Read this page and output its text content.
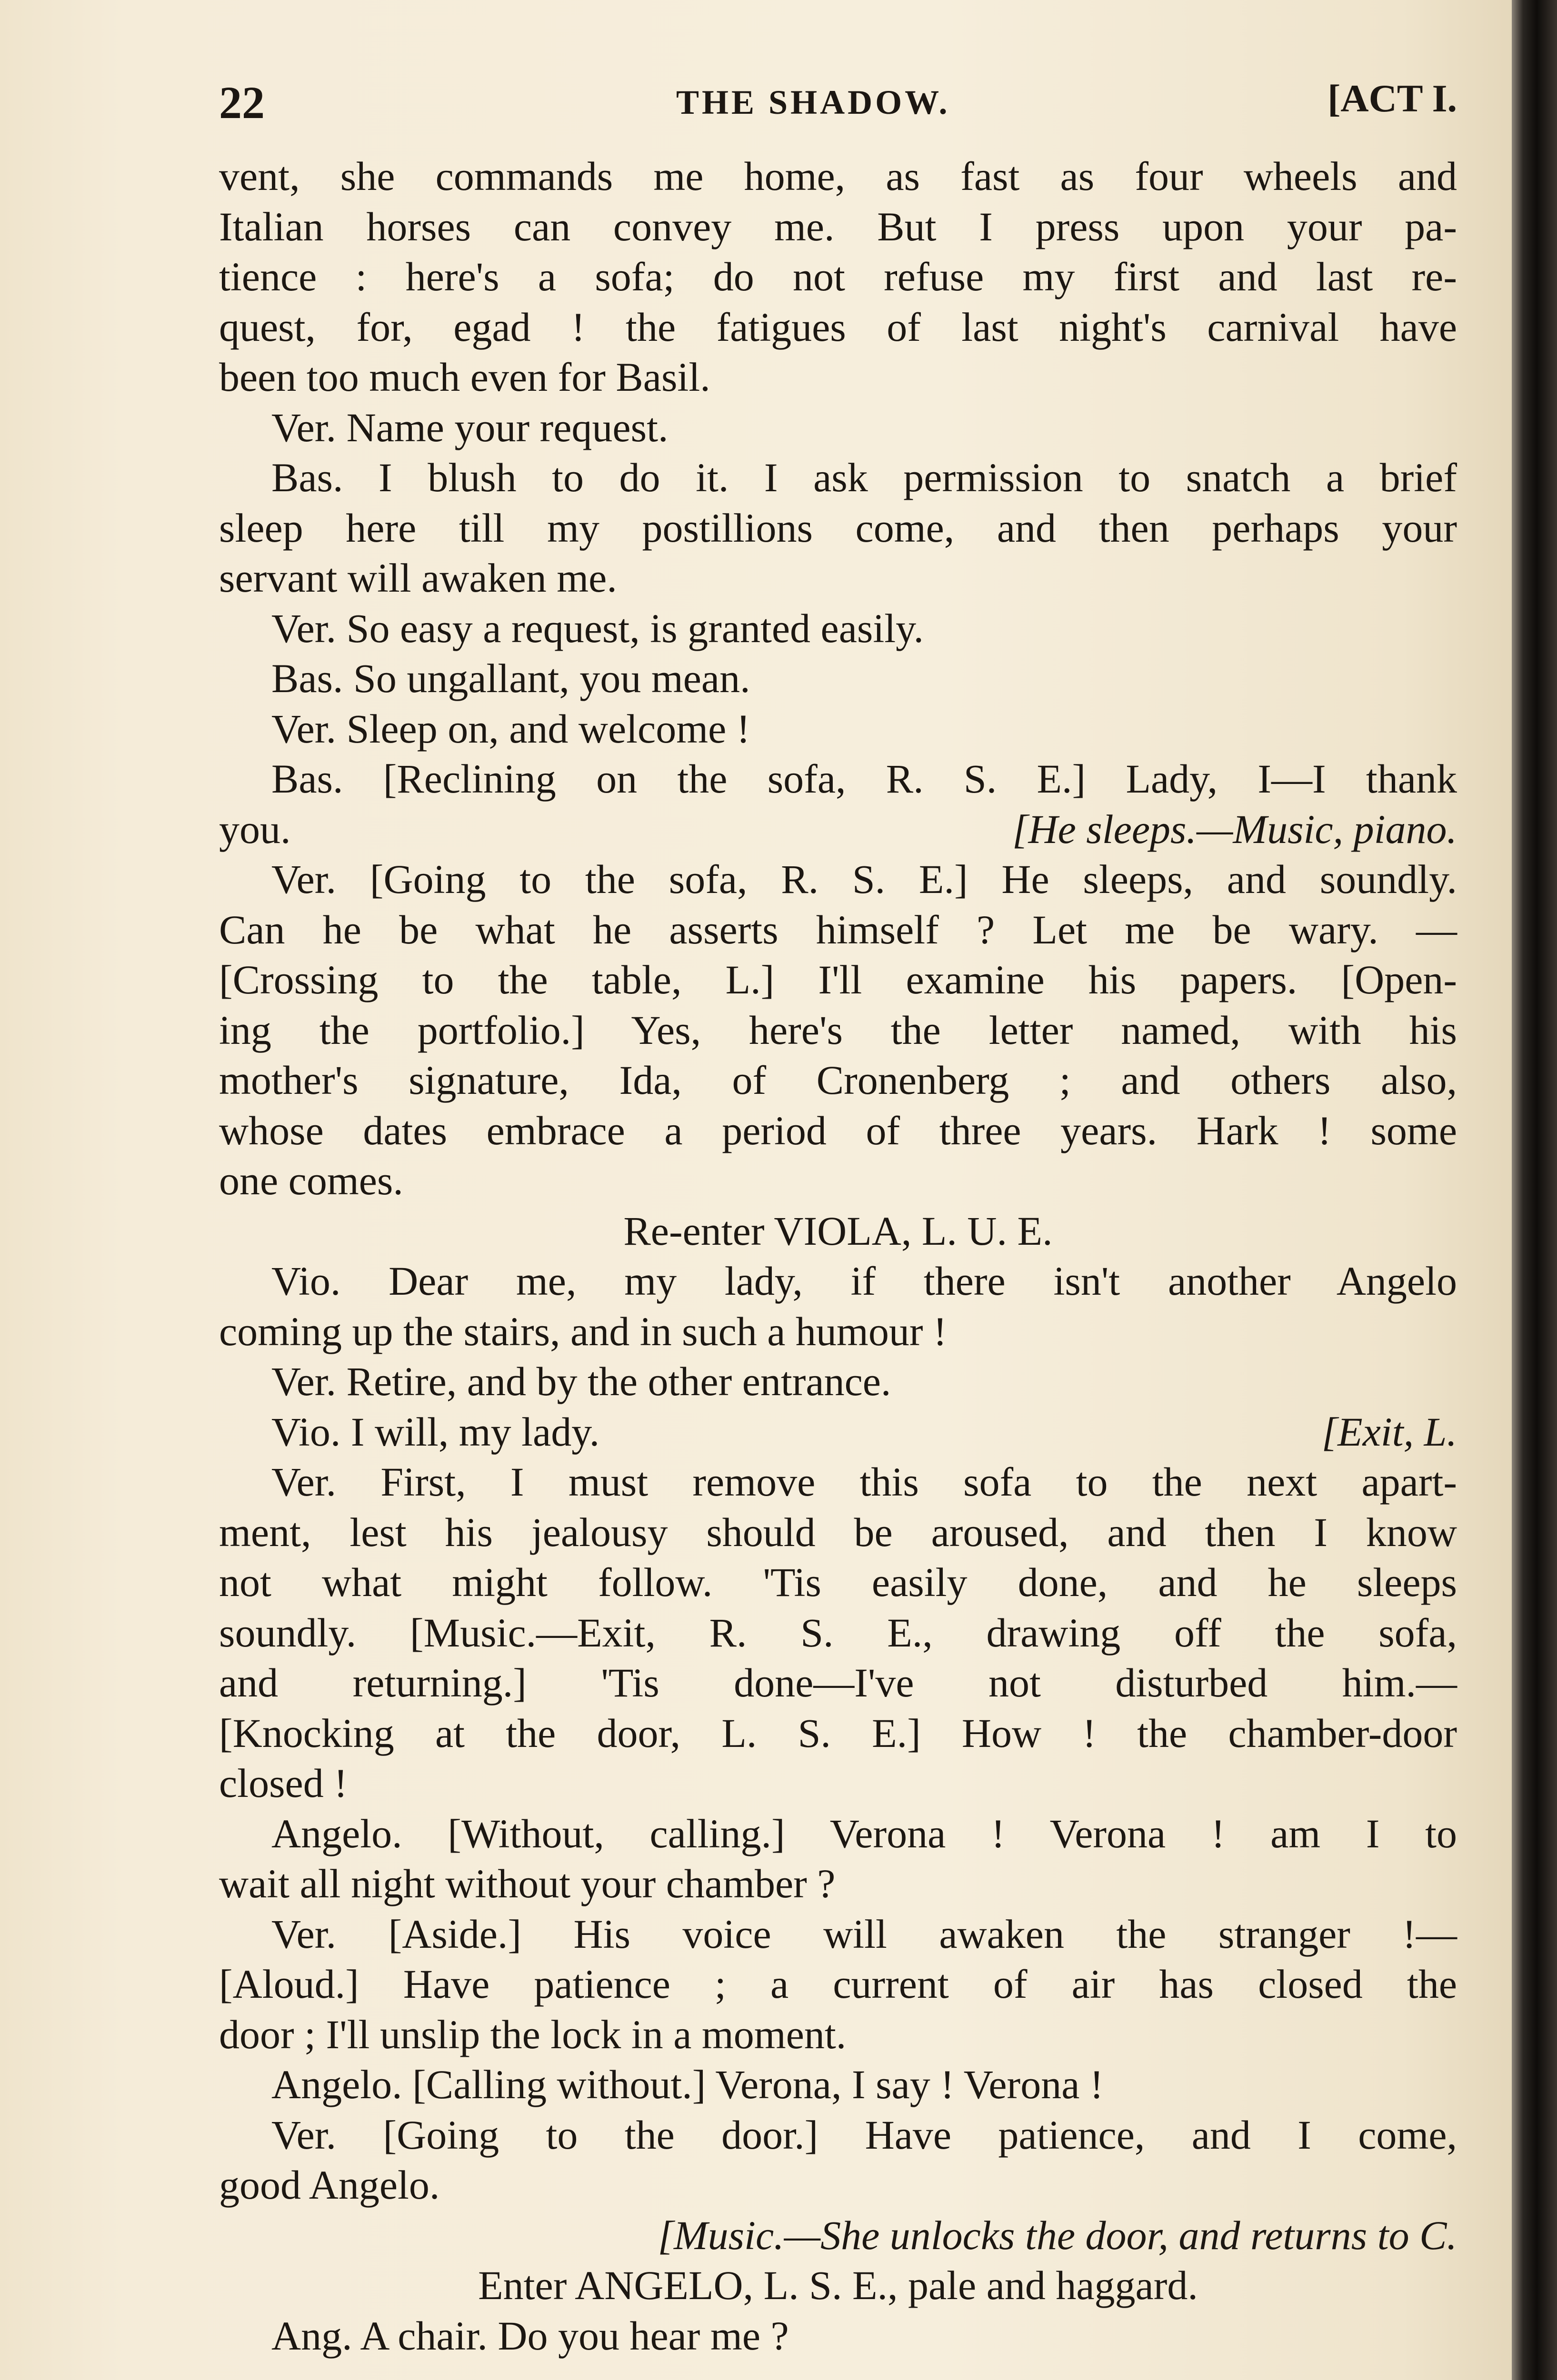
22	THE SHADOW.	[ACT I.

vent, she commands me home, as fast as four wheels and

Italian horses can convey me. But I press upon your pa-

tience : here's a sofa; do not refuse my first and last re-

quest, for, egad ! the fatigues of last night's carnival have

been too much even for Basil.

Ver. Name your request.

Bas. I blush to do it. I ask permission to snatch a brief

sleep here till my postillions come, and then perhaps your

servant will awaken me.

Ver. So easy a request, is granted easily.

Bas. So ungallant, you mean.

Ver. Sleep on, and welcome !

Bas. [Reclining on the sofa, R. S. E.] Lady, I—I thank

you.	[He sleeps.—Music, piano.

Ver. [Going to the sofa, R. S. E.] He sleeps, and soundly.

Can he be what he asserts himself ? Let me be wary. —

[Crossing to the table, L.] I'll examine his papers. [Open-

ing the portfolio.] Yes, here's the letter named, with his

mother's signature, Ida, of Cronenberg ; and others also,

whose dates embrace a period of three years. Hark ! some

one comes.

Re-enter VIOLA, L. U. E.

Vio. Dear me, my lady, if there isn't another Angelo

coming up the stairs, and in such a humour !

Ver. Retire, and by the other entrance.

Vio. I will, my lady.	[Exit, L.

Ver. First, I must remove this sofa to the next apart-

ment, lest his jealousy should be aroused, and then I know

not what might follow. 'Tis easily done, and he sleeps

soundly. [Music.—Exit, R. S. E., drawing off the sofa,

and returning.] 'Tis done—I've not disturbed him.—

[Knocking at the door, L. S. E.] How ! the chamber-door

closed !

Angelo. [Without, calling.] Verona ! Verona ! am I to

wait all night without your chamber ?

Ver. [Aside.] His voice will awaken the stranger !—

[Aloud.] Have patience ; a current of air has closed the

door ; I'll unslip the lock in a moment.

Angelo. [Calling without.] Verona, I say ! Verona !

Ver. [Going to the door.] Have patience, and I come,

good Angelo.

[Music.—She unlocks the door, and returns to C.

Enter ANGELO, L. S. E., pale and haggard.

Ang. A chair. Do you hear me ?
